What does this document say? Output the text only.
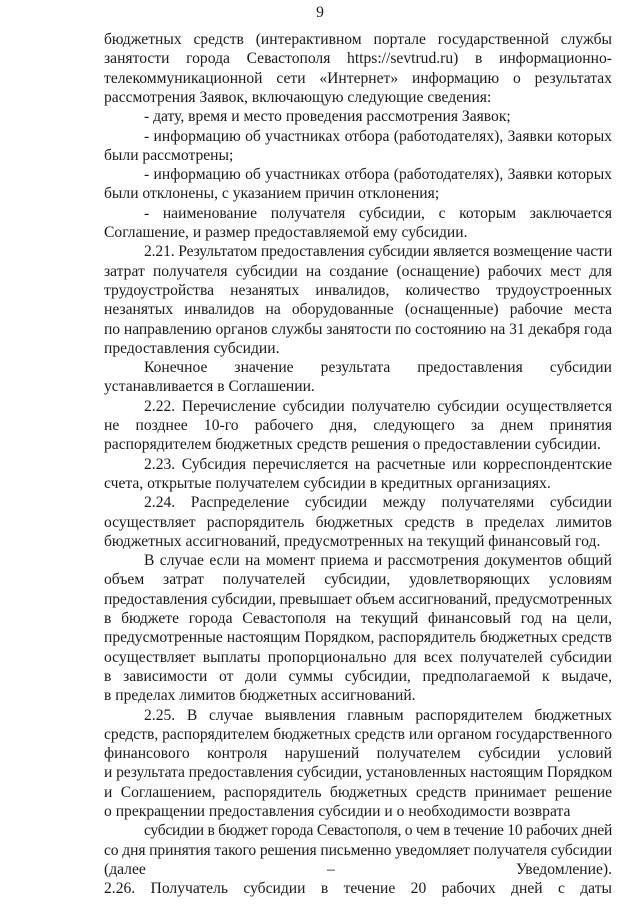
9
бюджетных средств (интерактивном портале государственной службы
занятости города Севастополя https://sevtrud.ru) в информационно-
телекоммуникационной сети «Интернет» информацию о результатах
рассмотрения Заявок, включающую следующие сведения:
- дату, время и место проведения рассмотрения Заявок;
- информацию об участниках отбора (работодателях), Заявки которых
были рассмотрены;
- информацию об участниках отбора (работодателях), Заявки которых
были отклонены, с указанием причин отклонения;
- наименование получателя субсидии, с которым заключается
Соглашение, и размер предоставляемой ему субсидии.
2.21. Результатом предоставления субсидии является возмещение части
затрат получателя субсидии на создание (оснащение) рабочих мест для
трудоустройства незанятых инвалидов, количество трудоустроенных
незанятых инвалидов на оборудованные (оснащенные) рабочие места
по направлению органов службы занятости по состоянию на 31 декабря года
предоставления субсидии.
Конечное значение результата предоставления субсидии
устанавливается в Соглашении.
2.22. Перечисление субсидии получателю субсидии осуществляется
не позднее 10-го рабочего дня, следующего за днем принятия
распорядителем бюджетных средств решения о предоставлении субсидии.
2.23. Субсидия перечисляется на расчетные или корреспондентские
счета, открытые получателем субсидии в кредитных организациях.
2.24. Распределение субсидии между получателями субсидии
осуществляет распорядитель бюджетных средств в пределах лимитов
бюджетных ассигнований, предусмотренных на текущий финансовый год.
В случае если на момент приема и рассмотрения документов общий
объем затрат получателей субсидии, удовлетворяющих условиям
предоставления субсидии, превышает объем ассигнований, предусмотренных
в бюджете города Севастополя на текущий финансовый год на цели,
предусмотренные настоящим Порядком, распорядитель бюджетных средств
осуществляет выплаты пропорционально для всех получателей субсидии
в зависимости от доли суммы субсидии, предполагаемой к выдаче,
в пределах лимитов бюджетных ассигнований.
2.25. В случае выявления главным распорядителем бюджетных
средств, распорядителем бюджетных средств или органом государственного
финансового контроля нарушений получателем субсидии условий
и результата предоставления субсидии, установленных настоящим Порядком
и Соглашением, распорядитель бюджетных средств принимает решение
о прекращении предоставления субсидии и о необходимости возврата
субсидии в бюджет города Севастополя, о чем в течение 10 рабочих дней
со дня принятия такого решения письменно уведомляет получателя субсидии
(далее – Уведомление).
2.26. Получатель субсидии в течение 20 рабочих дней с даты
